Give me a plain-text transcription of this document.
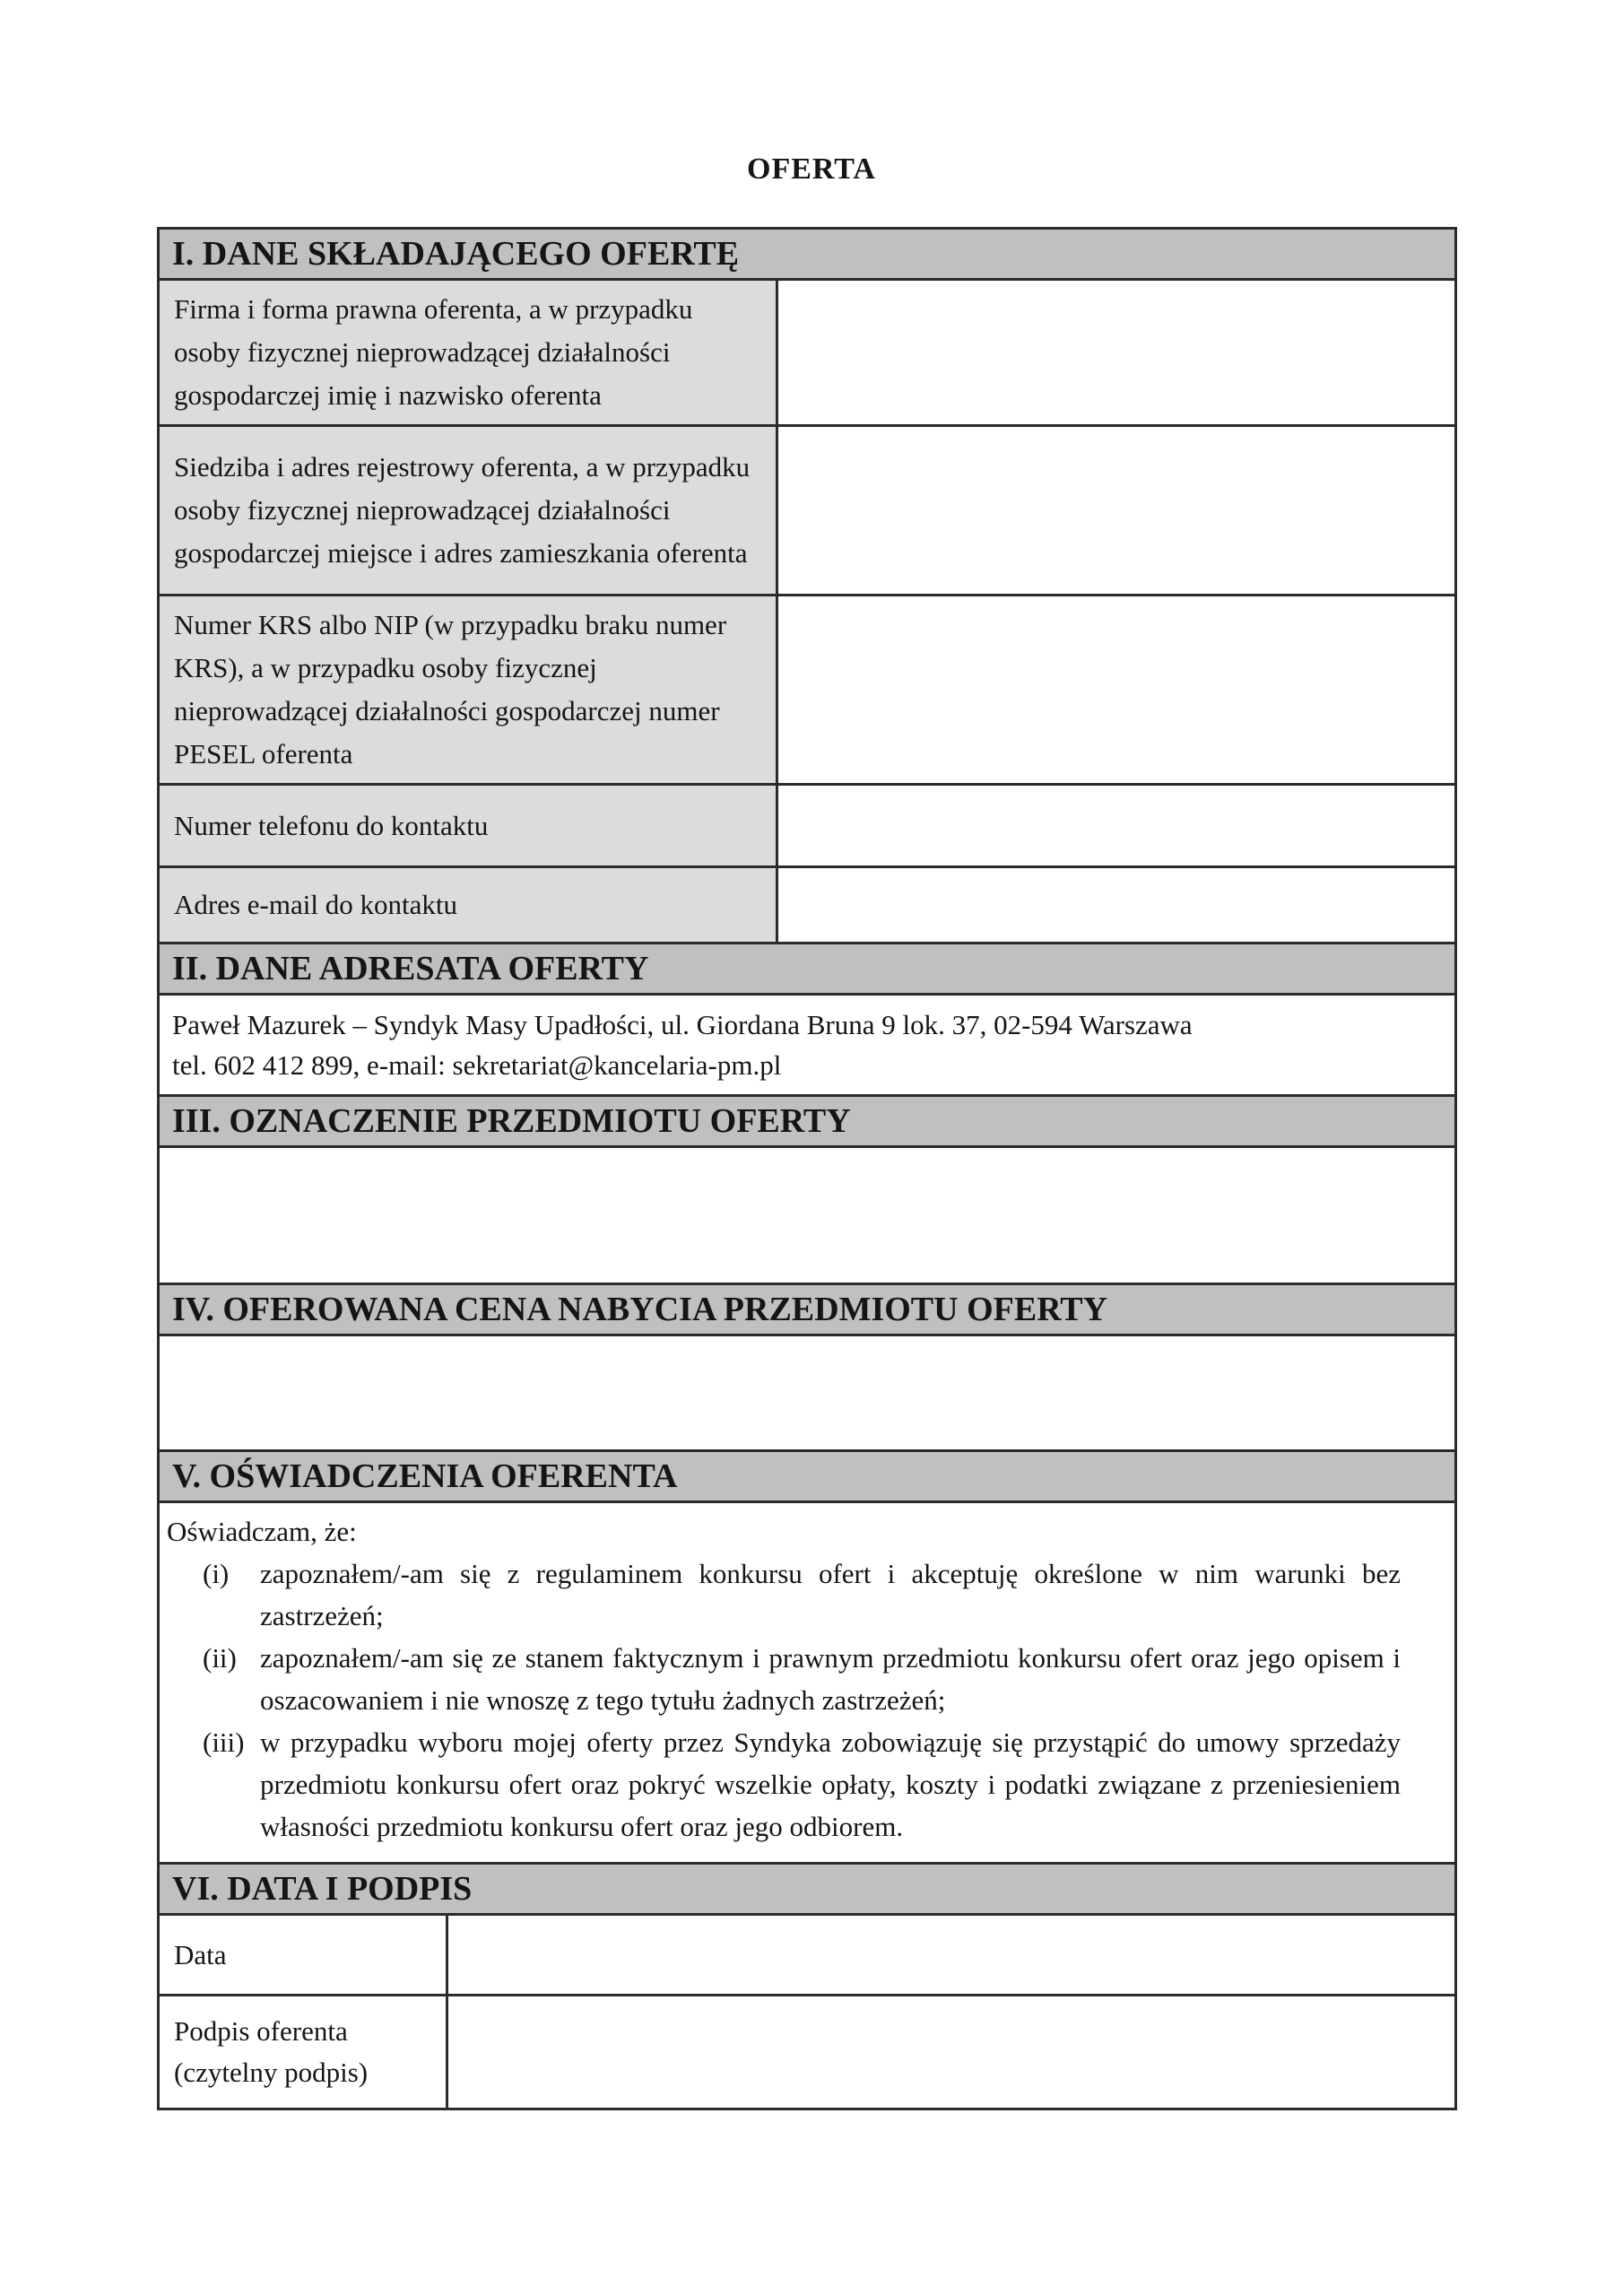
OFERTA
I. DANE SKŁADAJĄCEGO OFERTĘ
Firma i forma prawna oferenta, a w przypadku osoby fizycznej nieprowadzącej działalności gospodarczej imię i nazwisko oferenta
Siedziba i adres rejestrowy oferenta, a w przypadku osoby fizycznej nieprowadzącej działalności gospodarczej miejsce i adres zamieszkania oferenta
Numer KRS albo NIP (w przypadku braku numer KRS), a w przypadku osoby fizycznej nieprowadzącej działalności gospodarczej numer PESEL oferenta
Numer telefonu do kontaktu
Adres e-mail do kontaktu
II. DANE ADRESATA OFERTY
Paweł Mazurek – Syndyk Masy Upadłości, ul. Giordana Bruna 9 lok. 37, 02-594 Warszawa
tel. 602 412 899, e-mail: sekretariat@kancelaria-pm.pl
III. OZNACZENIE PRZEDMIOTU OFERTY
IV. OFEROWANA CENA NABYCIA PRZEDMIOTU OFERTY
V. OŚWIADCZENIA OFERENTA
Oświadczam, że:
(i)	zapoznałem/-am się z regulaminem konkursu ofert i akceptuję określone w nim warunki bez zastrzeżeń;
(ii) zapoznałem/-am się ze stanem faktycznym i prawnym przedmiotu konkursu ofert oraz jego opisem i oszacowaniem i nie wnoszę z tego tytułu żadnych zastrzeżeń;
(iii) w przypadku wyboru mojej oferty przez Syndyka zobowiązuję się przystąpić do umowy sprzedaży przedmiotu konkursu ofert oraz pokryć wszelkie opłaty, koszty i podatki związane z przeniesieniem własności przedmiotu konkursu ofert oraz jego odbiorem.
VI. DATA I PODPIS
Data
Podpis oferenta (czytelny podpis)
